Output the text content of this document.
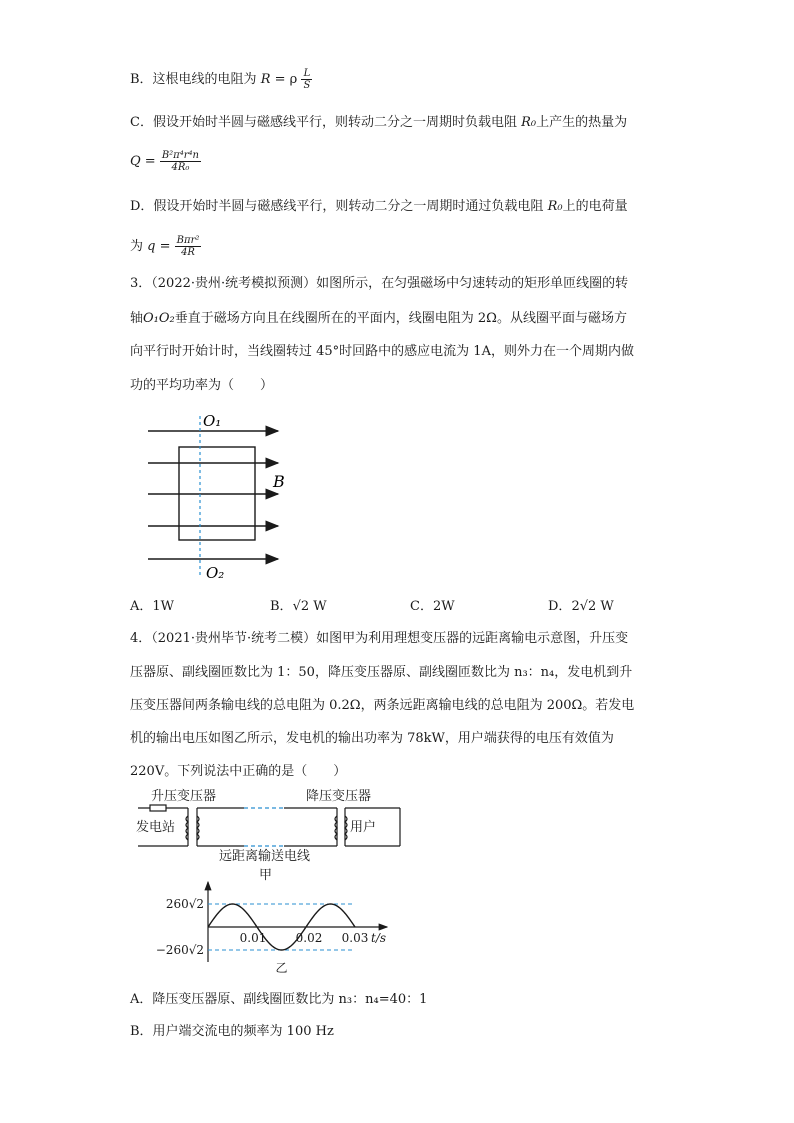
B．这根电线的电阻为 R = ρ $\frac{L}{S}$
C．假设开始时半圆与磁感线平行，则转动二分之一周期时负载电阻 R₀上产生的热量为
$Q = \frac{\text{B²π⁴r⁴n}}{\text{4R₀}}$
D．假设开始时半圆与磁感线平行，则转动二分之一周期时通过负载电阻 R₀上的电荷量
为 $q = \frac{\text{Bπr²}}{4R}$
3．（2022·贵州·统考模拟预测）如图所示，在匀强磁场中匀速转动的矩形单匝线圈的转
轴O₁O₂垂直于磁场方向且在线圈所在的平面内，线圈电阻为 2Ω。从线圈平面与磁场方
向平行时开始计时，当线圈转过 45°时回路中的感应电流为 1A，则外力在一个周期内做
功的平均功率为（　　）
O₁
O₂
B
A．1W	B．√2 W	C．2W	D．2√2 W
4．（2021·贵州毕节·统考二模）如图甲为利用理想变压器的远距离输电示意图，升压变
压器原、副线圈匝数比为 1：50，降压变压器原、副线圈匝数比为 n₃：n₄，发电机到升
压变压器间两条输电线的总电阻为 0.2Ω，两条远距离输电线的总电阻为 200Ω。若发电
机的输出电压如图乙所示，发电机的输出功率为 78kW，用户端获得的电压有效值为
220V。下列说法中正确的是（　　）
升压变压器	降压变压器
发电站	用户
远距离输送电线
甲
260√2
−260√2
0.01 0.02 0.03 t/s
乙
A．降压变压器原、副线圈匝数比为 n₃：n₄=40：1
B．用户端交流电的频率为 100 Hz
